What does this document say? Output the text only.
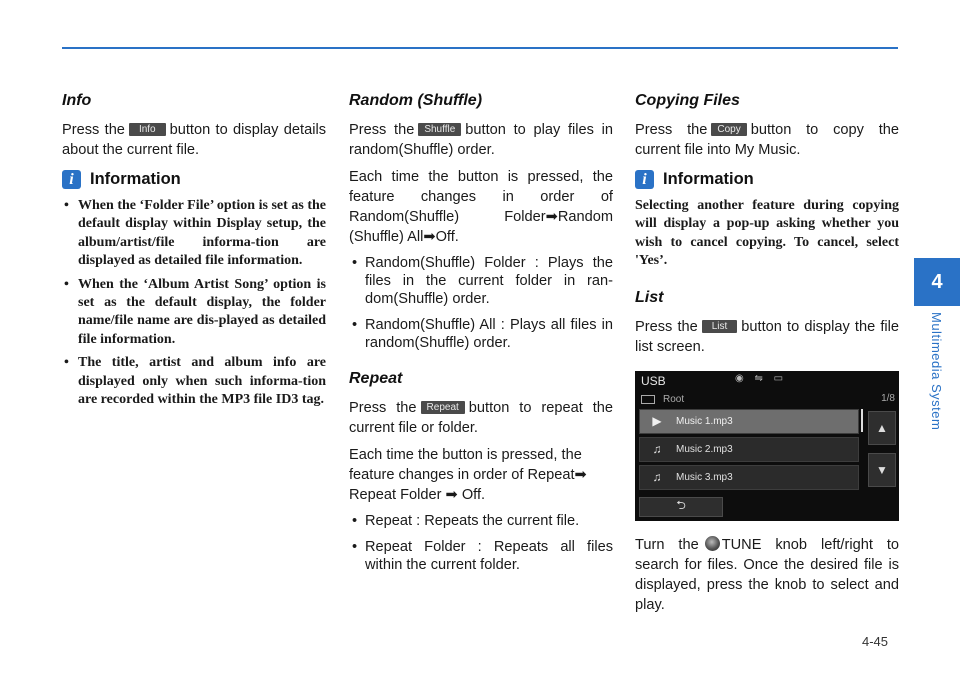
Info

Press the Info button to display details about the current file.

i Information
• When the ‘Folder File’ option is set as the default display within Display setup, the album/artist/file informa-tion are displayed as detailed file information.
• When the ‘Album Artist Song’ option is set as the default display, the folder name/file name are dis-played as detailed file information.
• The title, artist and album info are displayed only when such informa-tion are recorded within the MP3 file ID3 tag.
Random (Shuffle)

Press the Shuffle button to play files in random(Shuffle) order.

Each time the button is pressed, the feature changes in order of Random(Shuffle) Folder➡Random (Shuffle) All➡Off.

• Random(Shuffle) Folder : Plays the files in the current folder in ran-dom(Shuffle) order.
• Random(Shuffle) All : Plays all files in random(Shuffle) order.
Repeat

Press the Repeat button to repeat the current file or folder.

Each time the button is pressed, the feature changes in order of Repeat➡ Repeat Folder ➡ Off.

• Repeat : Repeats the current file.
• Repeat Folder : Repeats all files within the current folder.
Copying Files

Press the Copy button to copy the current file into My Music.

i Information

Selecting another feature during copying will display a pop-up asking whether you wish to cancel copying. To cancel, select 'Yes’.

List

Press the List button to display the file list screen.

USB	◉ ⇋ ▭
Root	1/8
▶ Music 1.mp3
♫ Music 2.mp3
♫ Music 3.mp3
▲
▼
⮌

Turn the TUNE knob left/right to search for files. Once the desired file is displayed, press the knob to select and play.

4
Multimedia System
4-45
